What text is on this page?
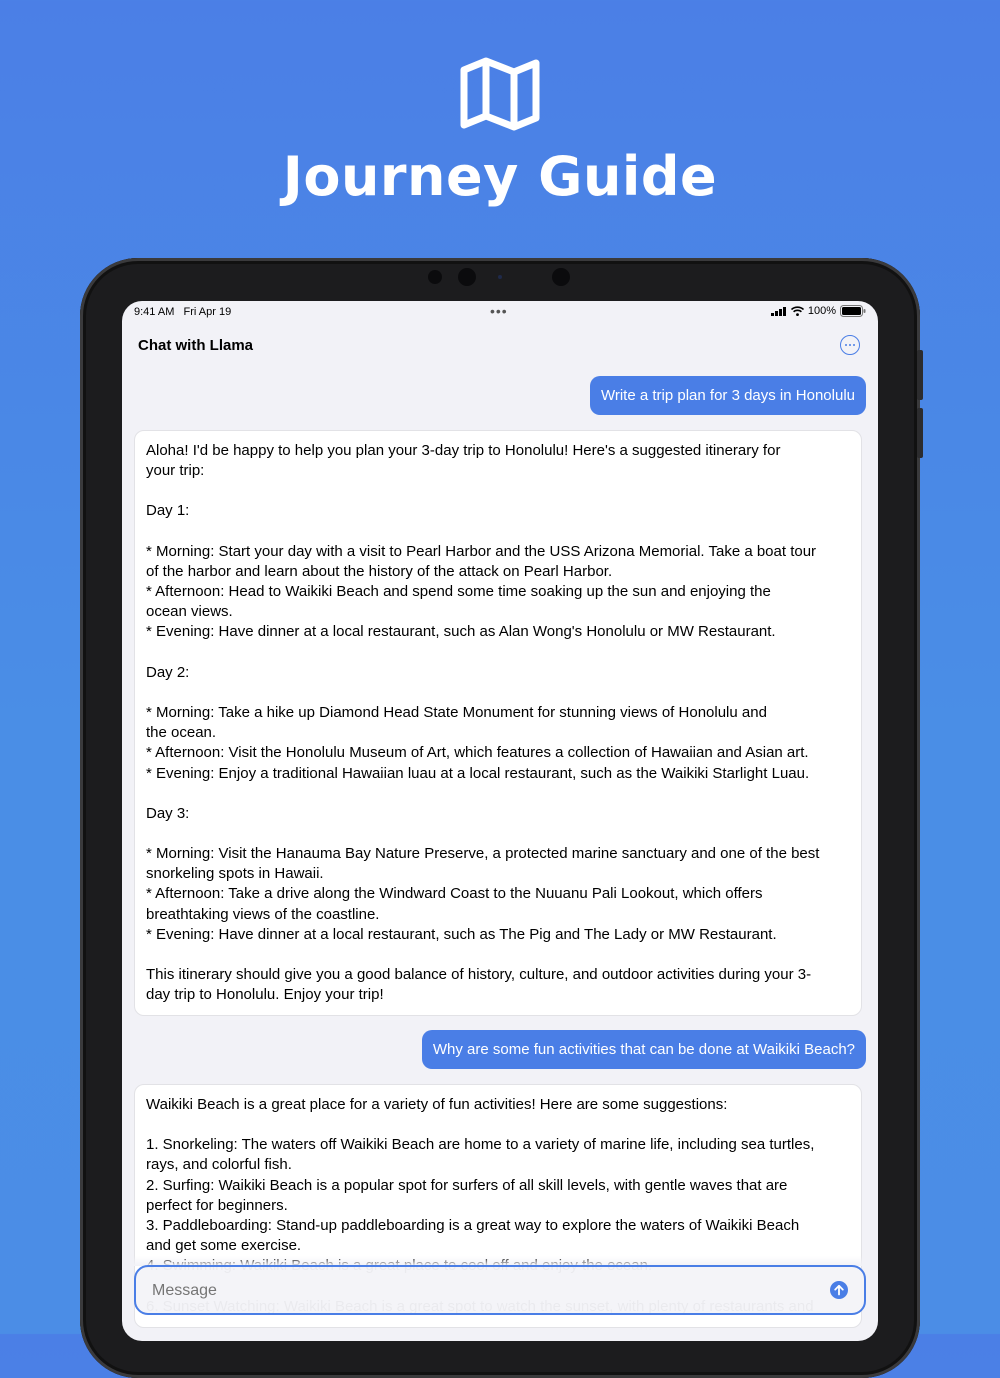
Journey Guide
9:41 AM Fri Apr 19	•••	100%
Chat with Llama
Write a trip plan for 3 days in Honolulu
Aloha! I'd be happy to help you plan your 3-day trip to Honolulu! Here's a suggested itinerary for
your trip:

Day 1:

* Morning: Start your day with a visit to Pearl Harbor and the USS Arizona Memorial. Take a boat tour
of the harbor and learn about the history of the attack on Pearl Harbor.
* Afternoon: Head to Waikiki Beach and spend some time soaking up the sun and enjoying the
ocean views.
* Evening: Have dinner at a local restaurant, such as Alan Wong's Honolulu or MW Restaurant.

Day 2:

* Morning: Take a hike up Diamond Head State Monument for stunning views of Honolulu and
the ocean.
* Afternoon: Visit the Honolulu Museum of Art, which features a collection of Hawaiian and Asian art.
* Evening: Enjoy a traditional Hawaiian luau at a local restaurant, such as the Waikiki Starlight Luau.

Day 3:

* Morning: Visit the Hanauma Bay Nature Preserve, a protected marine sanctuary and one of the best
snorkeling spots in Hawaii.
* Afternoon: Take a drive along the Windward Coast to the Nuuanu Pali Lookout, which offers
breathtaking views of the coastline.
* Evening: Have dinner at a local restaurant, such as The Pig and The Lady or MW Restaurant.

This itinerary should give you a good balance of history, culture, and outdoor activities during your 3-
day trip to Honolulu. Enjoy your trip!
Why are some fun activities that can be done at Waikiki Beach?
Waikiki Beach is a great place for a variety of fun activities! Here are some suggestions:

1. Snorkeling: The waters off Waikiki Beach are home to a variety of marine life, including sea turtles,
rays, and colorful fish.
2. Surfing: Waikiki Beach is a popular spot for surfers of all skill levels, with gentle waves that are
perfect for beginners.
3. Paddleboarding: Stand-up paddleboarding is a great way to explore the waters of Waikiki Beach
and get some exercise.

Message
